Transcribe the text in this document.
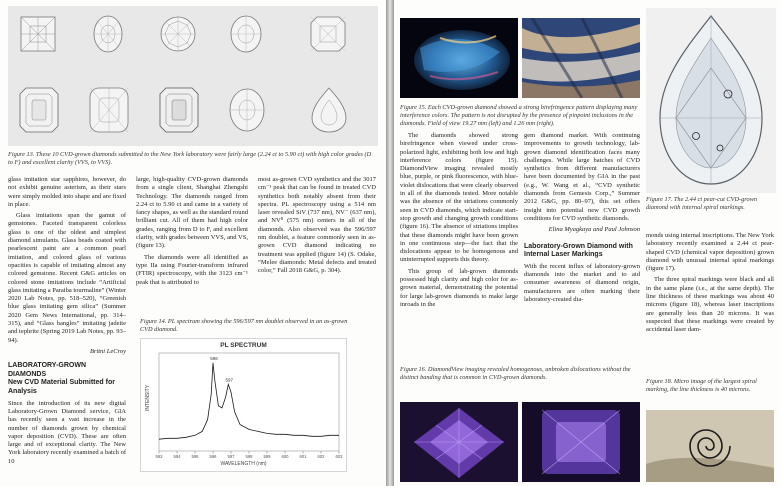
Figure 13. These 10 CVD-grown diamonds submitted to the New York laboratory were fairly large (2.24 ct to 5.90 ct) with high color grades (D to F) and excellent clarity (VVS, to VVS).

glass imitation star sapphires, however, do not exhibit genuine asterism, as their stars were simply molded into shape and are fixed in place.

Glass imitations span the gamut of gemstones. Faceted transparent colorless glass is one of the oldest and simplest diamond simulants. Glass beads coated with pearlescent paint are a common pearl imitation, and colored glass of various opacities is capable of imitating almost any colored gemstone. Recent G&G articles on colored stone imitations include “Artificial glass imitating a Paraiba tourmaline” (Winter 2020 Lab Notes, pp. 518–520), “Greenish blue glass imitating gem silica” (Summer 2020 Gem News International, pp. 314–315), and “Glass bangles” imitating jadeite and tephrite (Spring 2019 Lab Notes, pp. 93–94).

Britni LeCroy
LABORATORY-GROWN DIAMONDS
New CVD Material Submitted for Analysis

Since the introduction of its new digital Laboratory-Grown Diamond service, GIA has recently seen a vast increase in the number of diamonds grown by chemical vapor deposition (CVD). These are often large and of exceptional clarity. The New York laboratory recently examined a batch of 10

large, high-quality CVD-grown diamonds from a single client, Shanghai Zhengshi Technology. The diamonds ranged from 2.24 ct to 5.90 ct and came in a variety of fancy shapes, as well as the standard round brilliant cut. All of them had high color grades, ranging from D to F, and excellent clarity, with grades between VVS, and VS, (figure 13).

The diamonds were all identified as type IIa using Fourier-transform infrared (FTIR) spectroscopy, with the 3123 cm⁻¹ peak that is attributed to

most as-grown CVD synthetics and the 3017 cm⁻¹ peak that can be found in treated CVD synthetics both notably absent from their spectra. PL spectroscopy using a 514 nm laser revealed SiV (737 nm), NV⁻ (637 nm), and NV⁰ (575 nm) centers in all of the diamonds. Also observed was the 596/597 nm doublet, a feature commonly seen in as-grown CVD diamond indicating no treatment was applied (figure 14) (S. Odake, “Melee diamonds: Metal defects and treated color,” Fall 2018 G&G, p. 304).

Figure 14. PL spectrum showing the 596/597 nm doublet observed in an as-grown CVD diamond.
PL SPECTRUM
593	594	595	596	597	598	599	600	601	602	603
596
597
INTENSITY
WAVELENGTH (nm)
Figure 15. Each CVD-grown diamond showed a strong birefringence pattern displaying many interference colors. The pattern is not disrupted by the presence of pinpoint inclusions in the diamonds. Field of view 19.27 mm (left) and 1.26 mm (right).
Figure 17. The 2.44 ct pear-cut CVD-grown diamond with internal spiral markings.

The diamonds showed strong birefringence when viewed under cross-polarized light, exhibiting both low and high interference colors (figure 15). DiamondView imaging revealed mostly blue, purple, or pink fluorescence, with blue-violet dislocations that were clearly observed in all of the diamonds tested. More notable was the absence of the striations commonly seen in CVD diamonds, which indicate start-stop growth and changing growth conditions (figure 16). The absence of striations implies that these diamonds might have been grown in one continuous step—the fact that the dislocations appear to be homogenous and uninterrupted supports this theory.

This group of lab-grown diamonds possessed high clarity and high color for as-grown material, demonstrating the potential for large lab-grown diamonds to make large inroads in the

gem diamond market. With continuing improvements to growth technology, lab-grown diamond identification faces many challenges. While large batches of CVD synthetics from different manufacturers have been documented by GIA in the past (e.g., W. Wang et al., “CVD synthetic diamonds from Gemesis Corp.,” Summer 2012 G&G, pp. 80–97), this set offers insight into potential new CVD growth conditions for CVD synthetic diamonds.

Elina Myagkaya and Paul Johnson
Laboratory-Grown Diamond with Internal Laser Markings

With the recent influx of laboratory-grown diamonds into the market and to aid consumer awareness of diamond origin, manufacturers are often marking their laboratory-created dia-

monds using internal inscriptions. The New York laboratory recently examined a 2.44 ct pear-shaped CVD (chemical vapor deposition) grown diamond with unusual internal spiral markings (figure 17).

The three spiral markings were black and all in the same plane (i.e., at the same depth). The line thickness of these markings was about 40 microns (figure 18), whereas laser inscriptions are generally less than 20 microns. It was suspected that these markings were created by accidental laser dam-

Figure 16. DiamondView imaging revealed homogenous, unbroken dislocations without the distinct banding that is common in CVD-grown diamonds.
Figure 18. Micro image of the largest spiral marking, the line thickness is 40 microns.
